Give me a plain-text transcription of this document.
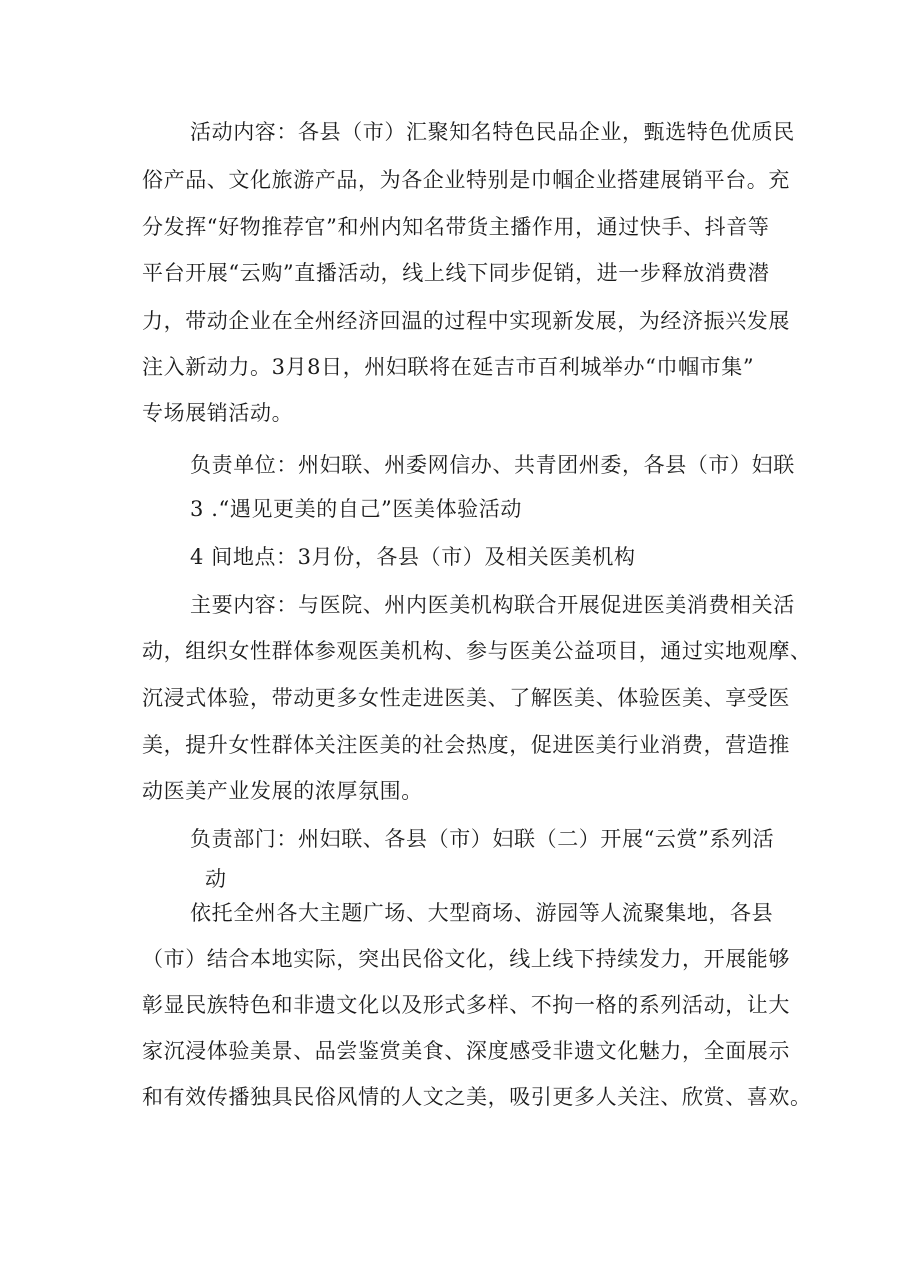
活动内容：各县（市）汇聚知名特色民品企业，甄选特色优质民
俗产品、文化旅游产品，为各企业特别是巾帼企业搭建展销平台。充
分发挥“好物推荐官”和州内知名带货主播作用，通过快手、抖音等
平台开展“云购”直播活动，线上线下同步促销，进一步释放消费潜
力，带动企业在全州经济回温的过程中实现新发展，为经济振兴发展
注入新动力。3月8日，州妇联将在延吉市百利城举办“巾帼市集”
专场展销活动。
负责单位：州妇联、州委网信办、共青团州委，各县（市）妇联
3 .“遇见更美的自己”医美体验活动
4 间地点：3月份，各县（市）及相关医美机构
主要内容：与医院、州内医美机构联合开展促进医美消费相关活
动，组织女性群体参观医美机构、参与医美公益项目，通过实地观摩、
沉浸式体验，带动更多女性走进医美、了解医美、体验医美、享受医
美，提升女性群体关注医美的社会热度，促进医美行业消费，营造推
动医美产业发展的浓厚氛围。
负责部门：州妇联、各县（市）妇联（二）开展“云赏”系列活
动
依托全州各大主题广场、大型商场、游园等人流聚集地，各县
（市）结合本地实际，突出民俗文化，线上线下持续发力，开展能够
彰显民族特色和非遗文化以及形式多样、不拘一格的系列活动，让大
家沉浸体验美景、品尝鉴赏美食、深度感受非遗文化魅力，全面展示
和有效传播独具民俗风情的人文之美，吸引更多人关注、欣赏、喜欢。
